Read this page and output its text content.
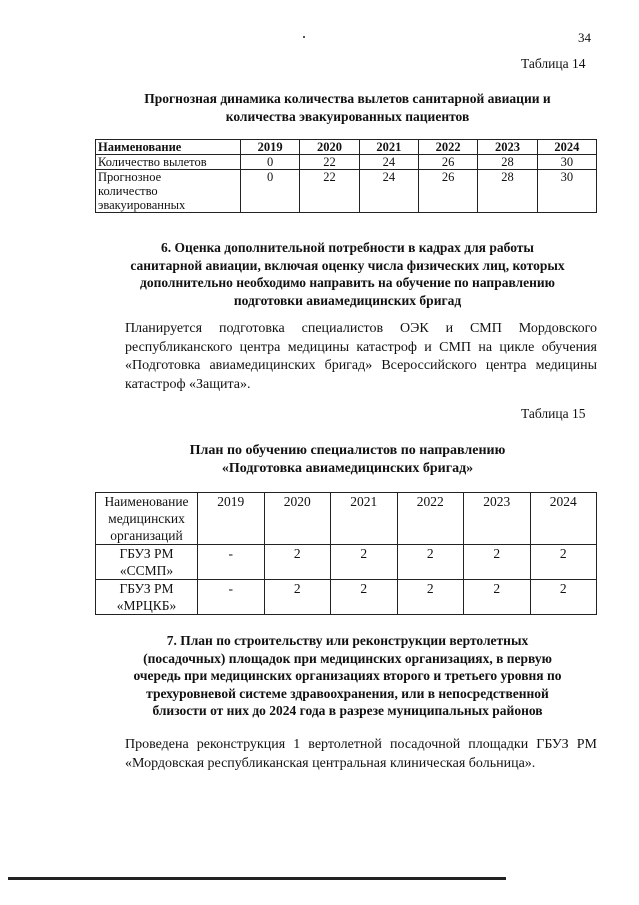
34
Таблица 14
Прогнозная динамика количества вылетов санитарной авиации и
количества эвакуированных пациентов
Наименование	2019	2020	2021	2022	2023	2024
Количество вылетов	0	22	24	26	28	30

Прогнозное
количество
эвакуированных	0	22	24	26	28	30
6. Оценка дополнительной потребности в кадрах для работы
санитарной авиации, включая оценку числа физических лиц, которых
дополнительно необходимо направить на обучение по направлению
подготовки авиамедицинских бригад
Планируется подготовка специалистов ОЭК и СМП Мордовского республиканского центра медицины катастроф и СМП на цикле обучения «Подготовка авиамедицинских бригад» Всероссийского центра медицины катастроф «Защита».
Таблица 15
План по обучению специалистов по направлению
«Подготовка авиамедицинских бригад»
Наименование
медицинских
организаций	2019	2020	2021	2022	2023	2024

ГБУЗ РМ
«ССМП»	-	2	2	2	2	2

ГБУЗ РМ
«МРЦКБ»	-	2	2	2	2	2
7. План по строительству или реконструкции вертолетных
(посадочных) площадок при медицинских организациях, в первую
очередь при медицинских организациях второго и третьего уровня по
трехуровневой системе здравоохранения, или в непосредственной
близости от них до 2024 года в разрезе муниципальных районов
Проведена реконструкция 1 вертолетной посадочной площадки ГБУЗ РМ «Мордовская республиканская центральная клиническая больница».
